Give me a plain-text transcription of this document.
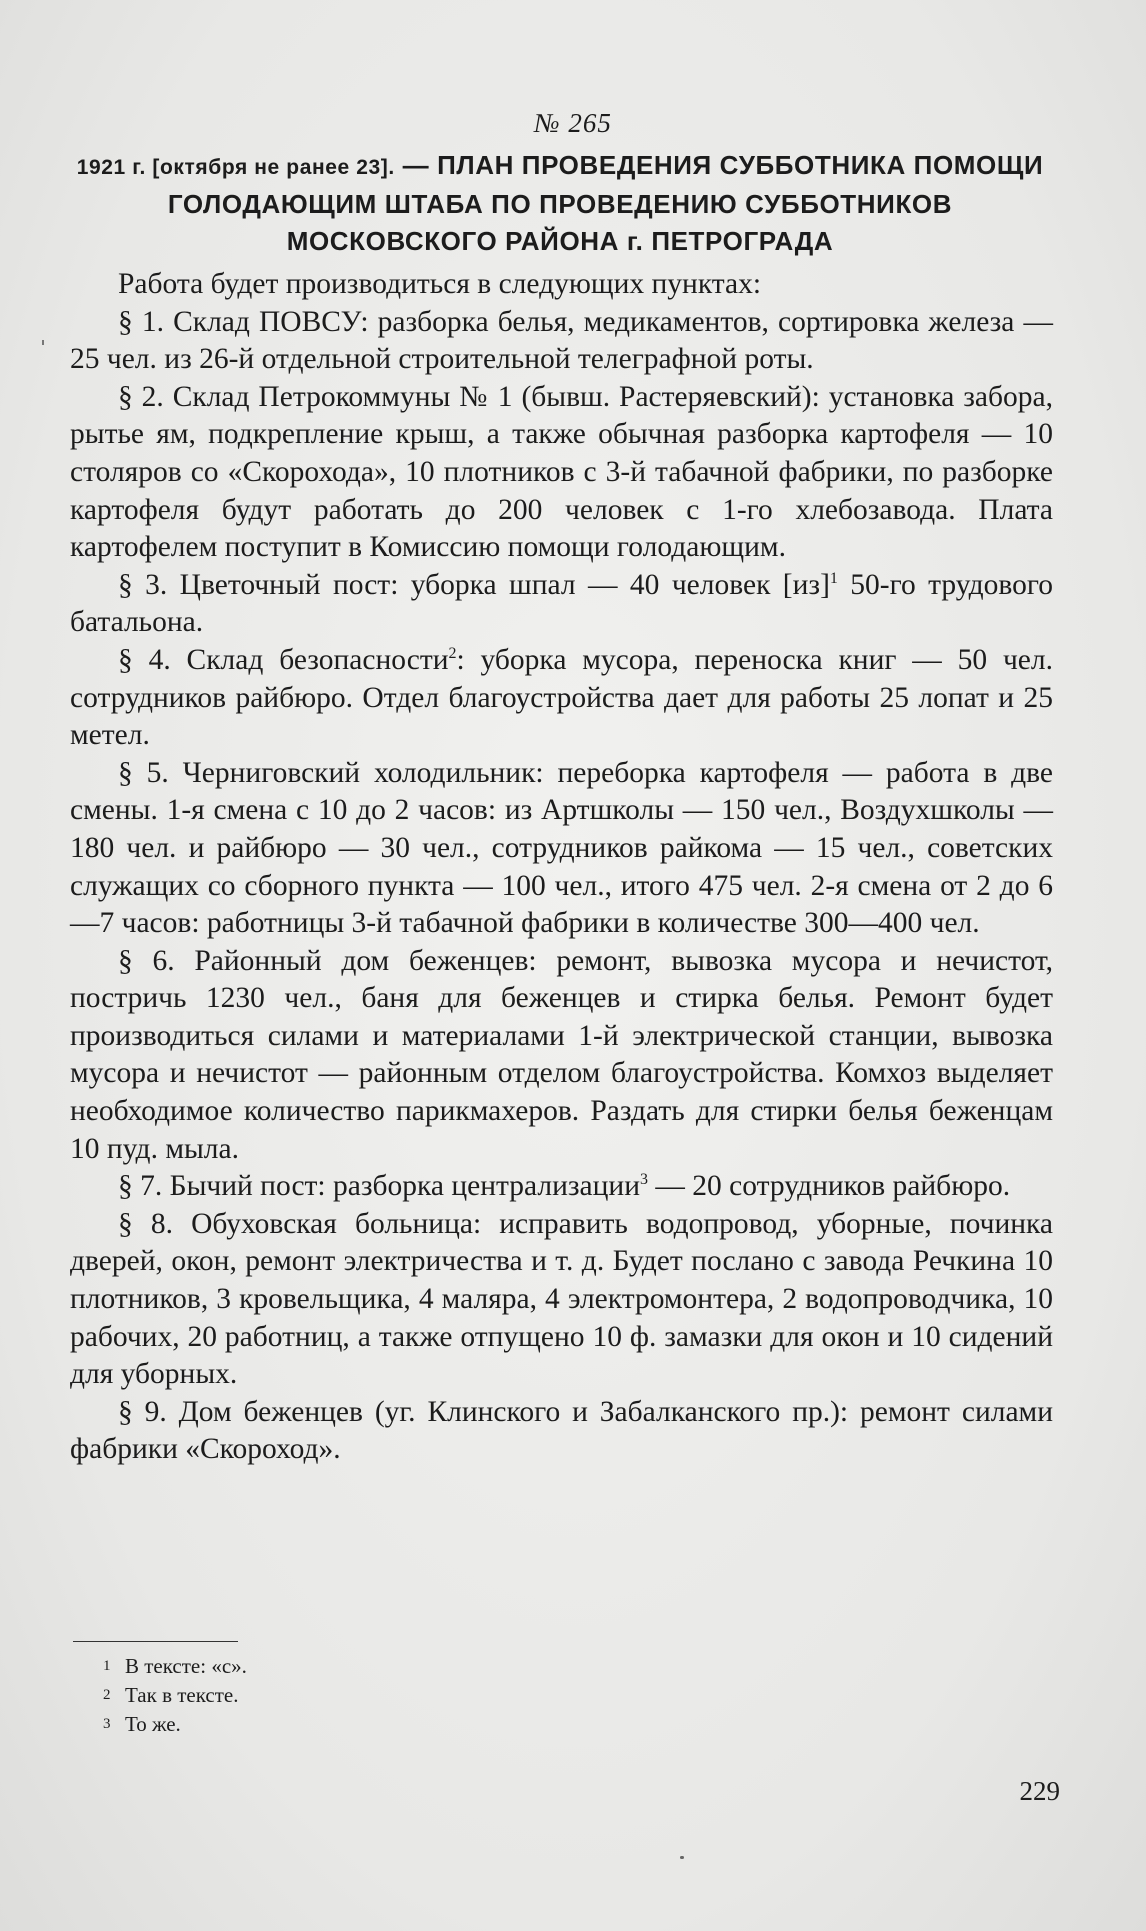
№ 265
1921 г. [октября не ранее 23]. — ПЛАН ПРОВЕДЕНИЯ СУББОТНИКА ПОМОЩИ ГОЛОДАЮЩИМ ШТАБА ПО ПРОВЕДЕНИЮ СУББОТНИКОВ МОСКОВСКОГО РАЙОНА г. ПЕТРОГРАДА

Работа будет производиться в следующих пунктах:

§ 1. Склад ПОВСУ: разборка белья, медикаментов, сортировка железа — 25 чел. из 26-й отдельной строительной телеграфной роты.

§ 2. Склад Петрокоммуны № 1 (бывш. Растеряевский): установка забора, рытье ям, подкрепление крыш, а также обычная разборка картофеля — 10 столяров со «Скорохода», 10 плотников с 3-й табачной фабрики, по разборке картофеля будут работать до 200 человек с 1-го хлебозавода. Плата картофелем поступит в Комиссию помощи голодающим.

§ 3. Цветочный пост: уборка шпал — 40 человек [из]$^1$ 50-го трудового батальона.

§ 4. Склад безопасности$^2$: уборка мусора, переноска книг — 50 чел. сотрудников райбюро. Отдел благоустройства дает для работы 25 лопат и 25 метел.

§ 5. Черниговский холодильник: переборка картофеля — работа в две смены. 1-я смена с 10 до 2 часов: из Артшколы — 150 чел., Воздухшколы — 180 чел. и райбюро — 30 чел., сотрудников райкома — 15 чел., советских служащих со сборного пункта — 100 чел., итого 475 чел. 2-я смена от 2 до 6—7 часов: работницы 3-й табачной фабрики в количестве 300—400 чел.

§ 6. Районный дом беженцев: ремонт, вывозка мусора и нечистот, постричь 1230 чел., баня для беженцев и стирка белья. Ремонт будет производиться силами и материалами 1-й электрической станции, вывозка мусора и нечистот — районным отделом благоустройства. Комхоз выделяет необходимое количество парикмахеров. Раздать для стирки белья беженцам 10 пуд. мыла.

§ 7. Бычий пост: разборка централизации$^3$ — 20 сотрудников райбюро.

§ 8. Обуховская больница: исправить водопровод, уборные, починка дверей, окон, ремонт электричества и т. д. Будет послано с завода Речкина 10 плотников, 3 кровельщика, 4 маляра, 4 электромонтера, 2 водопроводчика, 10 рабочих, 20 работниц, а также отпущено 10 ф. замазки для окон и 10 сидений для уборных.

§ 9. Дом беженцев (уг. Клинского и Забалканского пр.): ремонт силами фабрики «Скороход».

1 В тексте: «с».
2 Так в тексте.
3 То же.
229
